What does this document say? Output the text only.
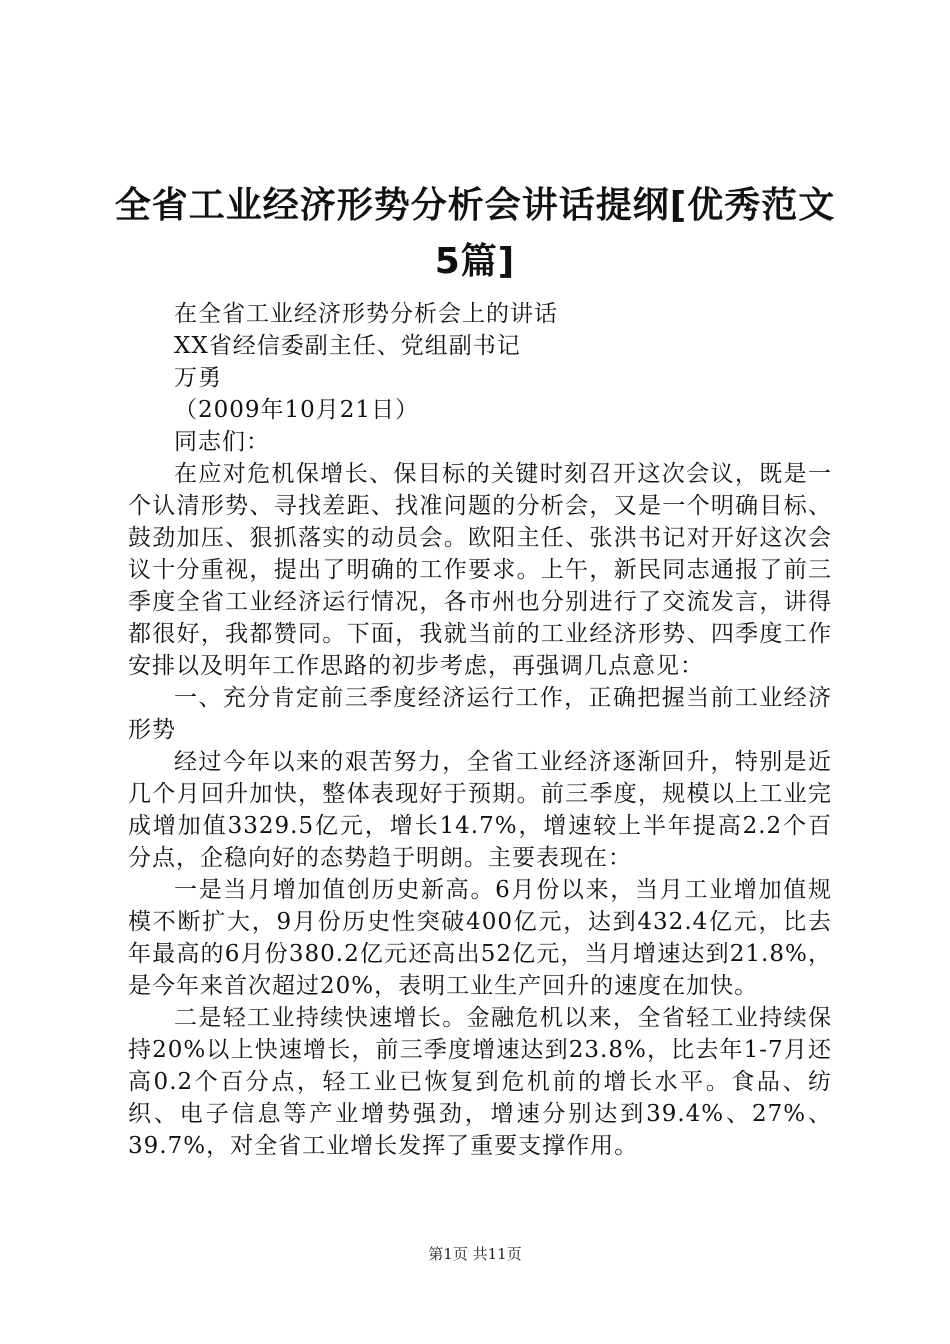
全省工业经济形势分析会讲话提纲[优秀范文5篇]

在全省工业经济形势分析会上的讲话

XX省经信委副主任、党组副书记

万勇

（2009年10月21日）

同志们：

在应对危机保增长、保目标的关键时刻召开这次会议，既是一个认清形势、寻找差距、找准问题的分析会，又是一个明确目标、鼓劲加压、狠抓落实的动员会。欧阳主任、张洪书记对开好这次会议十分重视，提出了明确的工作要求。上午，新民同志通报了前三季度全省工业经济运行情况，各市州也分别进行了交流发言，讲得都很好，我都赞同。下面，我就当前的工业经济形势、四季度工作安排以及明年工作思路的初步考虑，再强调几点意见：

一、充分肯定前三季度经济运行工作，正确把握当前工业经济形势

经过今年以来的艰苦努力，全省工业经济逐渐回升，特别是近几个月回升加快，整体表现好于预期。前三季度，规模以上工业完成增加值3329.5亿元，增长14.7%，增速较上半年提高2.2个百分点，企稳向好的态势趋于明朗。主要表现在：

一是当月增加值创历史新高。6月份以来，当月工业增加值规模不断扩大，9月份历史性突破400亿元，达到432.4亿元，比去年最高的6月份380.2亿元还高出52亿元，当月增速达到21.8%，是今年来首次超过20%，表明工业生产回升的速度在加快。

二是轻工业持续快速增长。金融危机以来，全省轻工业持续保持20%以上快速增长，前三季度增速达到23.8%，比去年1-7月还高0.2个百分点，轻工业已恢复到危机前的增长水平。食品、纺织、电子信息等产业增势强劲，增速分别达到39.4%、27%、39.7%，对全省工业增长发挥了重要支撑作用。

第1页 共11页
